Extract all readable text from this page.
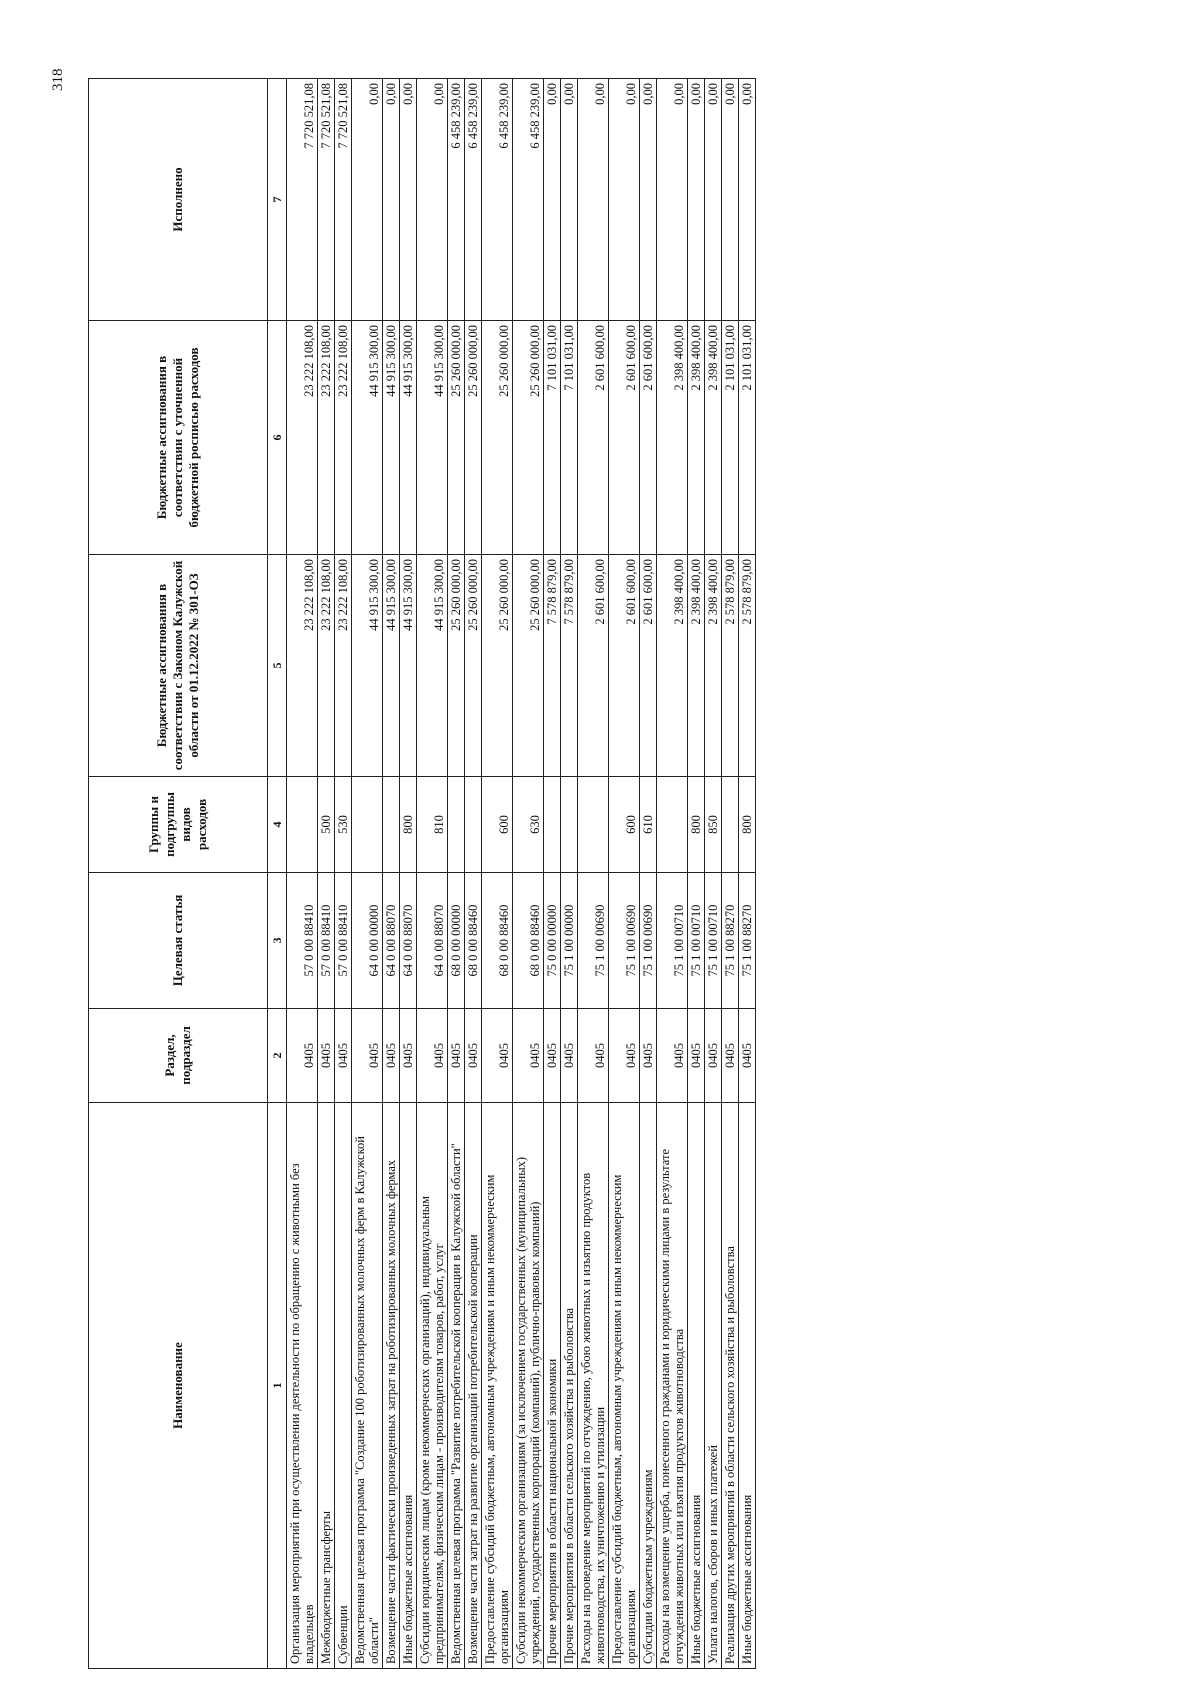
318
Наименование	Раздел, подраздел	Целевая статья	Группы и подгруппы видов расходов	Бюджетные ассигнования в соответствии с Законом Калужской области от 01.12.2022 № 301-ОЗ	Бюджетные ассигнования в соответствии с уточненной бюджетной росписью расходов	Исполнено
1	2	3	4	5	6	7
Организация мероприятий при осуществлении деятельности по обращению с животными без владельцев	0405	57 0 00 88410		23 222 108,00	23 222 108,00	7 720 521,08
Межбюджетные трансферты	0405	57 0 00 88410	500	23 222 108,00	23 222 108,00	7 720 521,08
Субвенции	0405	57 0 00 88410	530	23 222 108,00	23 222 108,00	7 720 521,08
Ведомственная целевая программа "Создание 100 роботизированных молочных ферм в Калужской области"	0405	64 0 00 00000		44 915 300,00	44 915 300,00	0,00
Возмещение части фактически произведенных затрат на роботизированных молочных фермах	0405	64 0 00 88070		44 915 300,00	44 915 300,00	0,00
Иные бюджетные ассигнования	0405	64 0 00 88070	800	44 915 300,00	44 915 300,00	0,00
Субсидии юридическим лицам (кроме некоммерческих организаций), индивидуальным предпринимателям, физическим лицам - производителям товаров, работ, услуг	0405	64 0 00 88070	810	44 915 300,00	44 915 300,00	0,00
Ведомственная целевая программа "Развитие потребительской кооперации в Калужской области"	0405	68 0 00 00000		25 260 000,00	25 260 000,00	6 458 239,00
Возмещение части затрат на развитие организаций потребительской кооперации	0405	68 0 00 88460		25 260 000,00	25 260 000,00	6 458 239,00
Предоставление субсидий бюджетным, автономным учреждениям и иным некоммерческим организациям	0405	68 0 00 88460	600	25 260 000,00	25 260 000,00	6 458 239,00
Субсидии некоммерческим организациям (за исключением государственных (муниципальных) учреждений, государственных корпораций (компаний), публично-правовых компаний)	0405	68 0 00 88460	630	25 260 000,00	25 260 000,00	6 458 239,00
Прочие мероприятия в области национальной экономики	0405	75 0 00 00000		7 578 879,00	7 101 031,00	0,00
Прочие мероприятия в области сельского хозяйства и рыболовства	0405	75 1 00 00000		7 578 879,00	7 101 031,00	0,00
Расходы на проведение мероприятий по отчуждению, убою животных и изъятию продуктов животноводства, их уничтожению и утилизации	0405	75 1 00 00690		2 601 600,00	2 601 600,00	0,00
Предоставление субсидий бюджетным, автономным учреждениям и иным некоммерческим организациям	0405	75 1 00 00690	600	2 601 600,00	2 601 600,00	0,00
Субсидии бюджетным учреждениям	0405	75 1 00 00690	610	2 601 600,00	2 601 600,00	0,00
Расходы на возмещение ущерба, понесенного гражданами и юридическими лицами в результате отчуждения животных или изъятия продуктов животноводства	0405	75 1 00 00710		2 398 400,00	2 398 400,00	0,00
Иные бюджетные ассигнования	0405	75 1 00 00710	800	2 398 400,00	2 398 400,00	0,00
Уплата налогов, сборов и иных платежей	0405	75 1 00 00710	850	2 398 400,00	2 398 400,00	0,00
Реализация других мероприятий в области сельского хозяйства и рыболовства	0405	75 1 00 88270		2 578 879,00	2 101 031,00	0,00
Иные бюджетные ассигнования	0405	75 1 00 88270	800	2 578 879,00	2 101 031,00	0,00
